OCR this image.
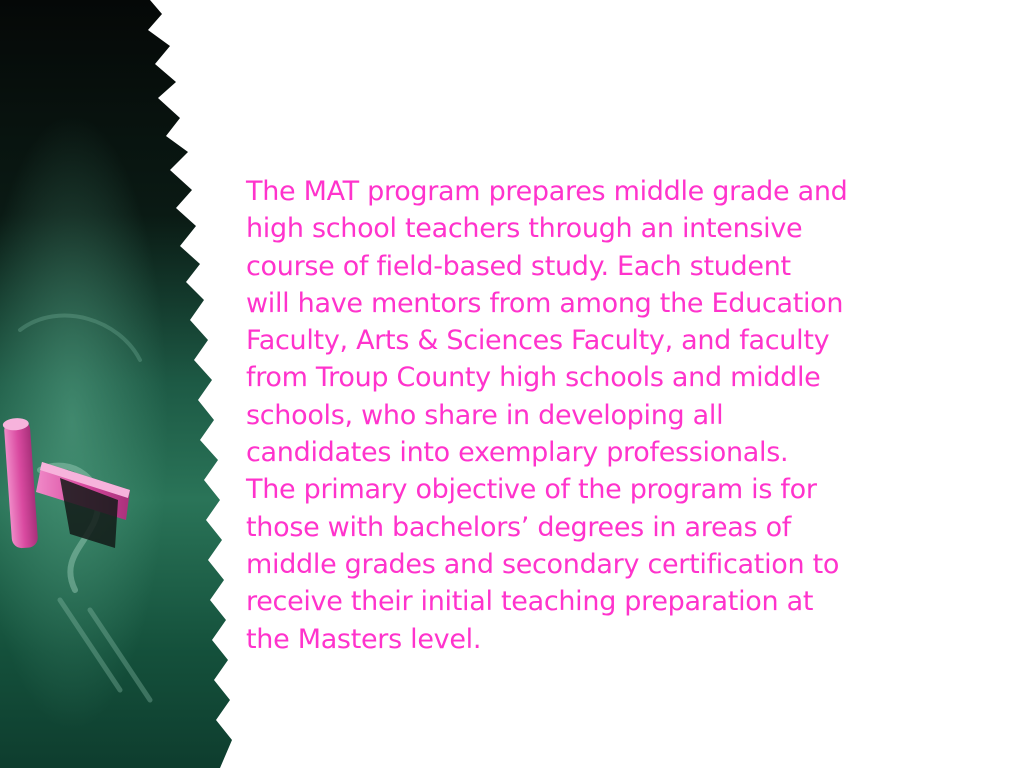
The MAT program prepares middle grade and
high school teachers through an intensive
course of field-based study. Each student
will have mentors from among the Education
Faculty, Arts & Sciences Faculty, and faculty
from Troup County high schools and middle
schools, who share in developing all
candidates into exemplary professionals.
The primary objective of the program is for
those with bachelors’ degrees in areas of
middle grades and secondary certification to
receive their initial teaching preparation at
the Masters level.
